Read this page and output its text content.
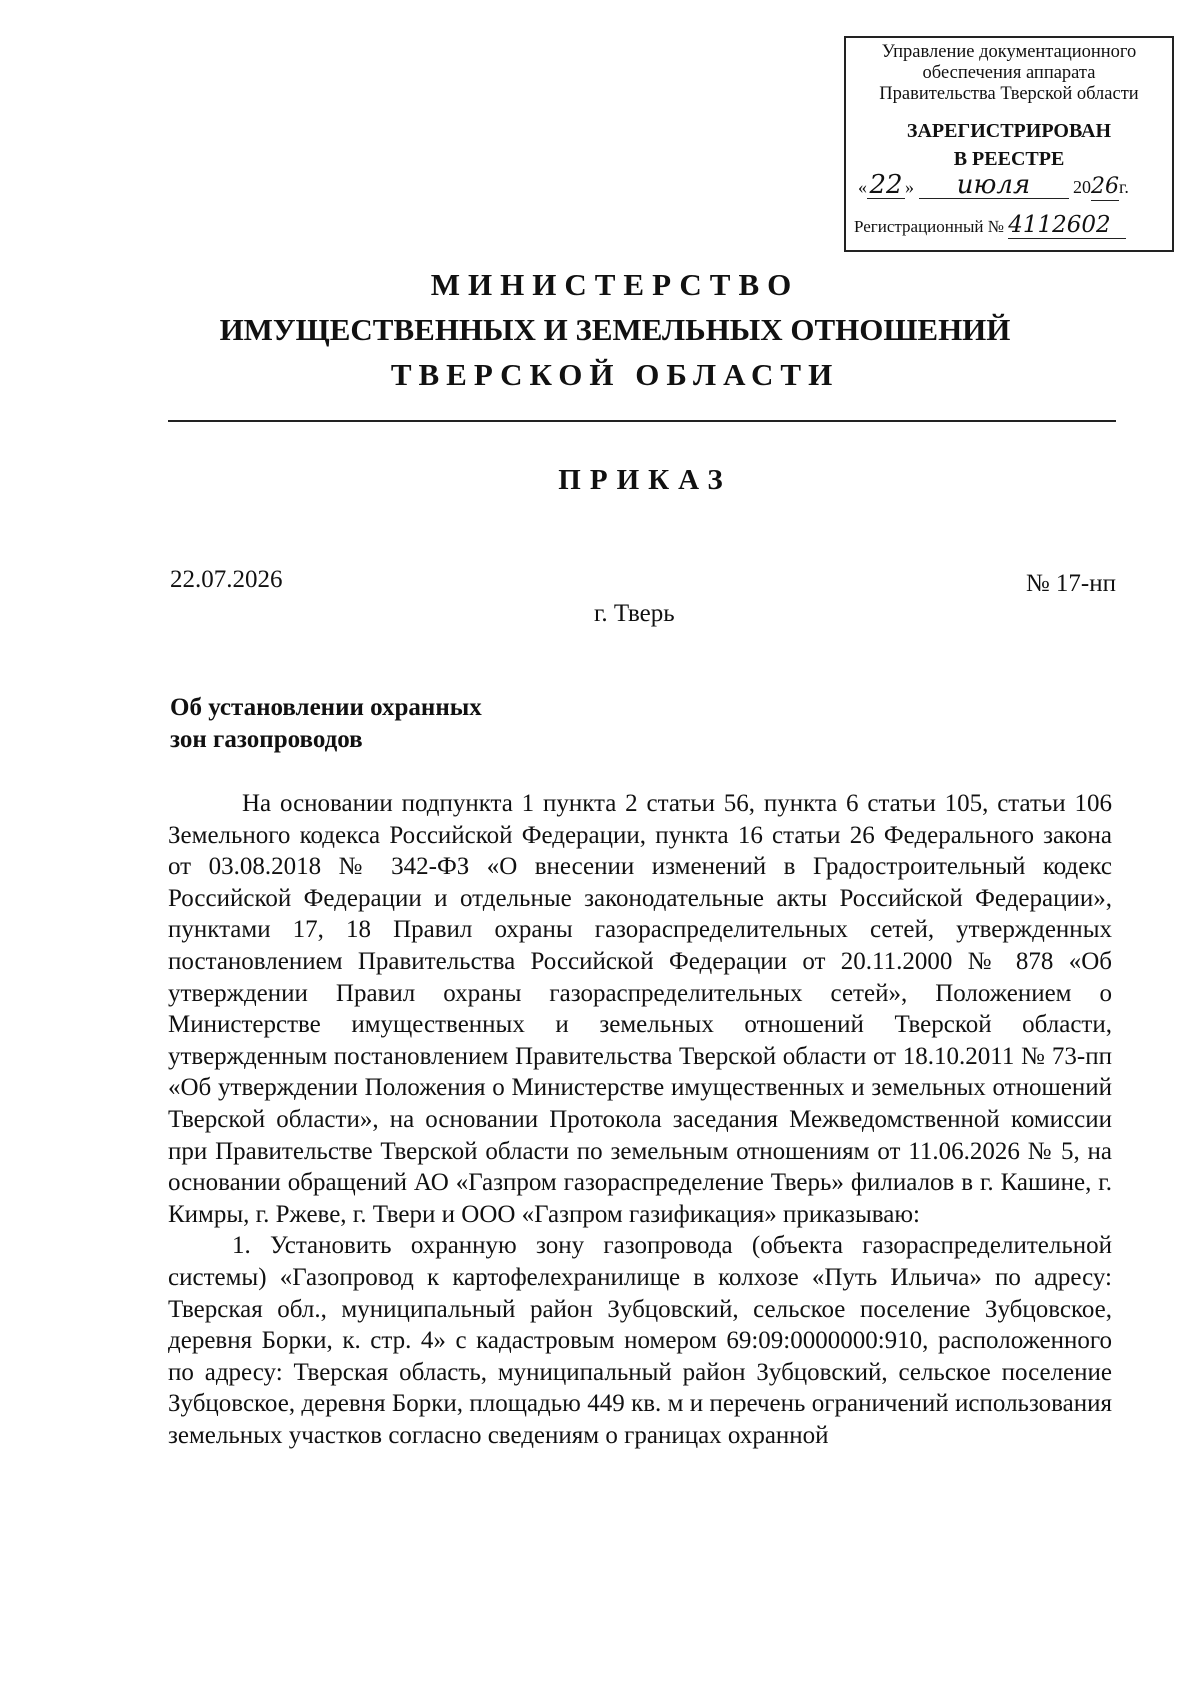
Управление документационного
обеспечения аппарата
Правительства Тверской области
ЗАРЕГИСТРИРОВАН
В РЕЕСТРЕ
«22 » июля 2026г.
Регистрационный № 4112602
МИНИСТЕРСТВО
ИМУЩЕСТВЕННЫХ И ЗЕМЕЛЬНЫХ ОТНОШЕНИЙ
ТВЕРСКОЙ ОБЛАСТИ
ПРИКАЗ
22.07.2026	№ 17-нп
г. Тверь
Об установлении охранных
зон газопроводов

На основании подпункта 1 пункта 2 статьи 56, пункта 6 статьи 105, статьи 106 Земельного кодекса Российской Федерации, пункта 16 статьи 26 Федерального закона от 03.08.2018 № 342-ФЗ «О внесении изменений в Градостроительный кодекс Российской Федерации и отдельные законодательные акты Российской Федерации», пунктами 17, 18 Правил охраны газораспределительных сетей, утвержденных постановлением Правительства Российской Федерации от 20.11.2000 № 878 «Об утверждении Правил охраны газораспределительных сетей», Положением о Министерстве имущественных и земельных отношений Тверской области, утвержденным постановлением Правительства Тверской области от 18.10.2011 № 73-пп «Об утверждении Положения о Министерстве имущественных и земельных отношений Тверской области», на основании Протокола заседания Межведомственной комиссии при Правительстве Тверской области по земельным отношениям от 11.06.2026 № 5, на основании обращений АО «Газпром газораспределение Тверь» филиалов в г. Кашине, г. Кимры, г. Ржеве, г. Твери и ООО «Газпром газификация» приказываю:

1. Установить охранную зону газопровода (объекта газораспределительной системы) «Газопровод к картофелехранилище в колхозе «Путь Ильича» по адресу: Тверская обл., муниципальный район Зубцовский, сельское поселение Зубцовское, деревня Борки, к. стр. 4» с кадастровым номером 69:09:0000000:910, расположенного по адресу: Тверская область, муниципальный район Зубцовский, сельское поселение Зубцовское, деревня Борки, площадью 449 кв. м и перечень ограничений использования земельных участков согласно сведениям о границах охранной
